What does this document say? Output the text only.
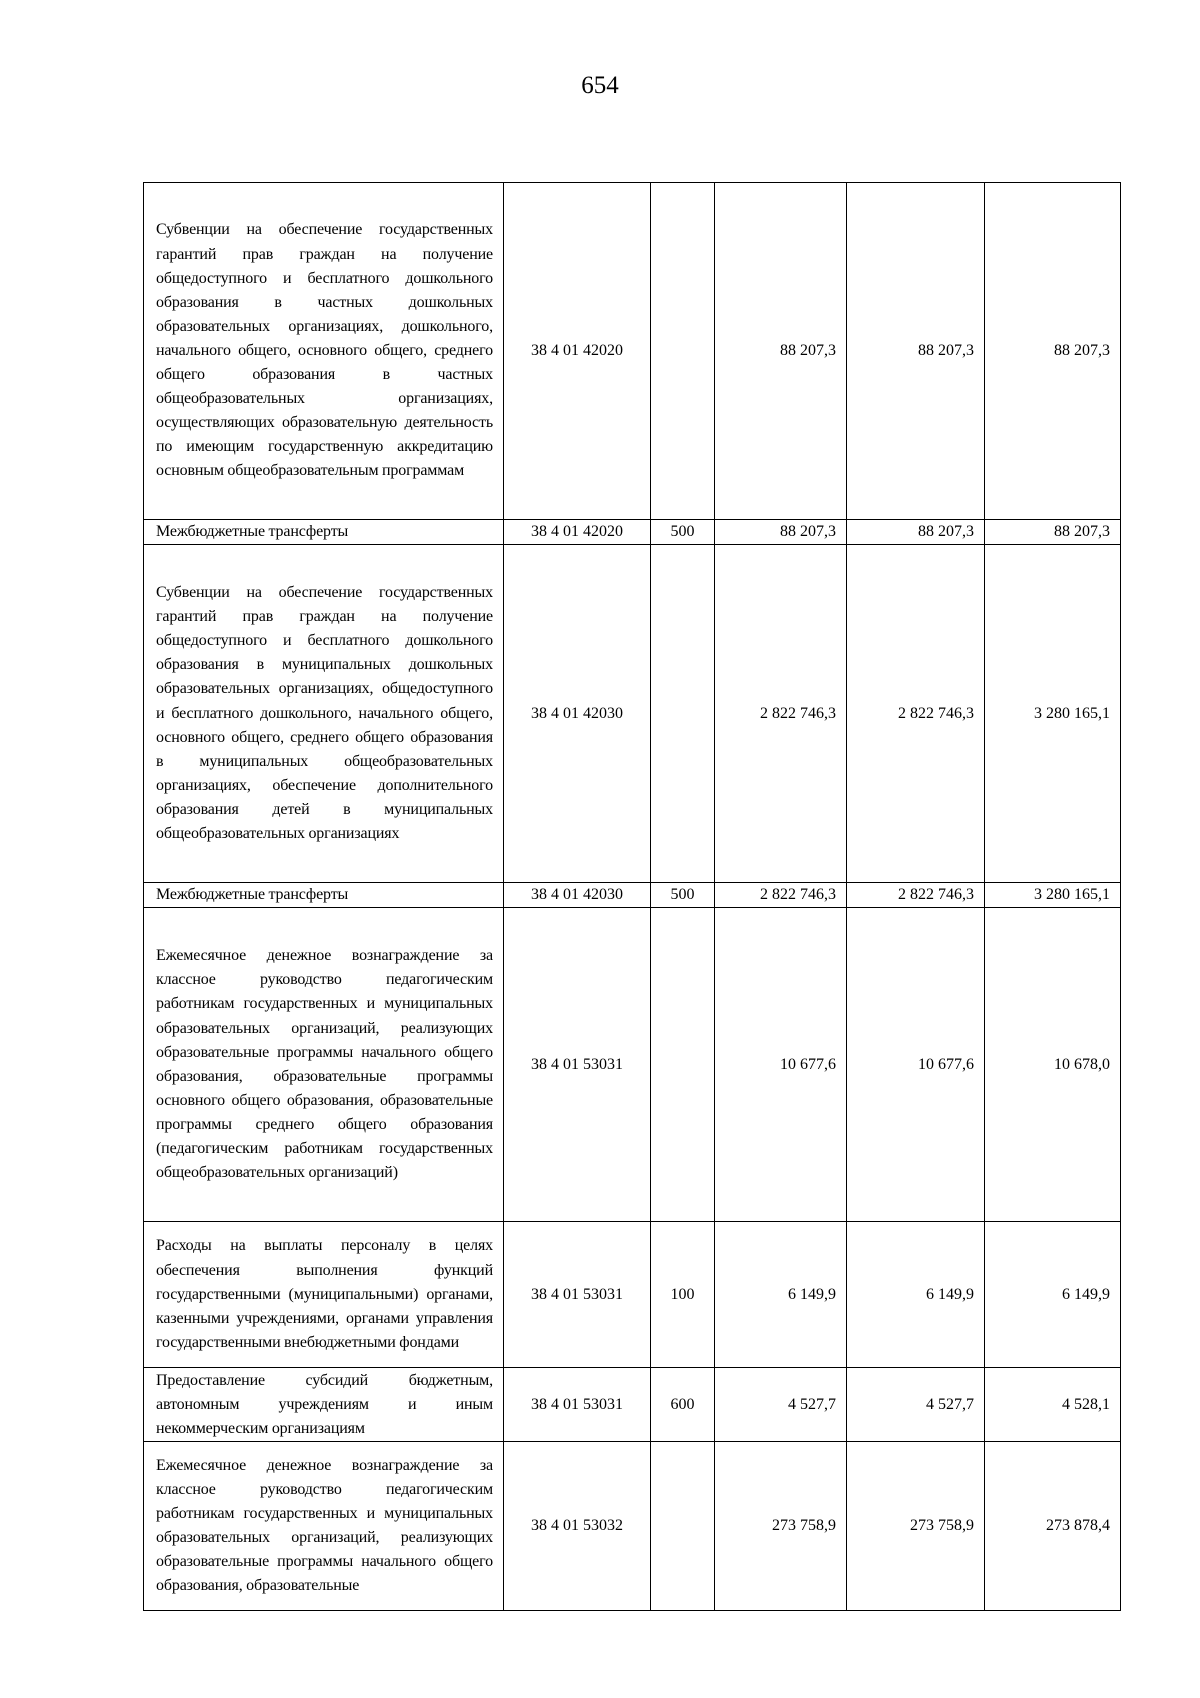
654
Субвенции на обеспечение государственных гарантий прав граждан на получение общедоступного и бесплатного дошкольного образования в частных дошкольных образовательных организациях, дошкольного, начального общего, основного общего, среднего общего образования в частных общеобразовательных организациях, осуществляющих образовательную деятельность по имеющим государственную аккредитацию основным общеобразовательным программам	38 4 01 42020		88 207,3	88 207,3	88 207,3
Межбюджетные трансферты	38 4 01 42020	500	88 207,3	88 207,3	88 207,3
Субвенции на обеспечение государственных гарантий прав граждан на получение общедоступного и бесплатного дошкольного образования в муниципальных дошкольных образовательных организациях, общедоступного и бесплатного дошкольного, начального общего, основного общего, среднего общего образования в муниципальных общеобразовательных организациях, обеспечение дополнительного образования детей в муниципальных общеобразовательных организациях	38 4 01 42030		2 822 746,3	2 822 746,3	3 280 165,1
Межбюджетные трансферты	38 4 01 42030	500	2 822 746,3	2 822 746,3	3 280 165,1
Ежемесячное денежное вознаграждение за классное руководство педагогическим работникам государственных и муниципальных образовательных организаций, реализующих образовательные программы начального общего образования, образовательные программы основного общего образования, образовательные программы среднего общего образования (педагогическим работникам государственных общеобразовательных организаций)	38 4 01 53031		10 677,6	10 677,6	10 678,0
Расходы на выплаты персоналу в целях обеспечения выполнения функций государственными (муниципальными) органами, казенными учреждениями, органами управления государственными внебюджетными фондами	38 4 01 53031	100	6 149,9	6 149,9	6 149,9
Предоставление субсидий бюджетным, автономным учреждениям и иным некоммерческим организациям	38 4 01 53031	600	4 527,7	4 527,7	4 528,1
Ежемесячное денежное вознаграждение за классное руководство педагогическим работникам государственных и муниципальных образовательных организаций, реализующих образовательные программы начального общего образования, образовательные	38 4 01 53032		273 758,9	273 758,9	273 878,4
